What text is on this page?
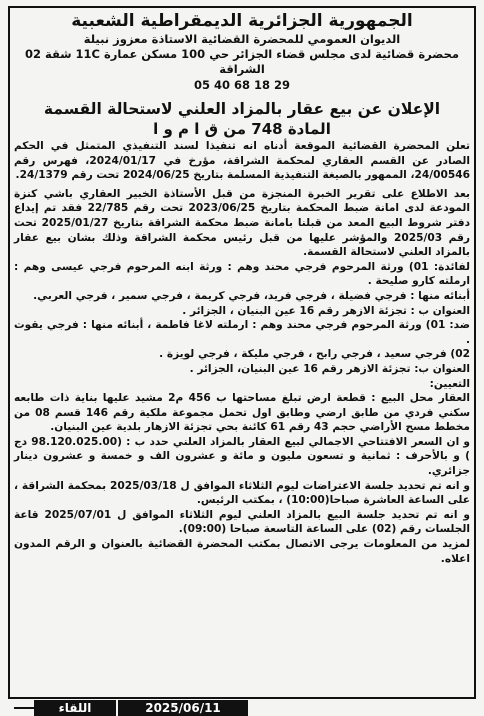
الجمهورية الجزائرية الديمقراطية الشعبية
الديوان العمومي للمحضرة القضائية الاستاذة معزوز نبيلة
محضرة قضائية لدى مجلس قضاء الجزائر حي 100 مسكن عمارة 11C شقة 02 الشراقة
05 40 68 18 29
الإعلان عن بيع عقار بالمزاد العلني لاستحالة القسمة
المادة 748 من ق ا م و ا

تعلن المحضرة القضائية الموقعة أدناه انه تنفيذا لسند التنفيذي المتمثل في الحكم الصادر عن القسم العقاري لمحكمة الشراقة، مؤرخ في 2024/01/17، فهرس رقم 24/00546، الممهور بالصيغة التنفيذية المسلمة بتاريخ 2024/06/25 تحت رقم 24/1379.

بعد الاطلاع على تقرير الخبرة المنجزة من قبل الأستاذة الخبير العقاري باشي كنزة المودعة لدى امانة ضبط المحكمة بتاريخ 2023/06/25 تحت رقم 22/785 فقد تم إيداع دفتر شروط البيع المعد من قبلنا بامانة ضبط محكمة الشراقة بتاريخ 2025/01/27 تحت رقم 2025/03 والمؤشر عليها من قبل رئيس محكمة الشراقة وذلك بشان بيع عقار بالمزاد العلني لاستحالة القسمة.

لفائدة: 01) ورثة المرحوم فرجي محند وهم : ورثة ابنه المرحوم فرجي عيسى وهم : ارملته كارو صليحة .

أبنائه منها : فرجي فضيلة ، فرجي فريد، فرجي كريمة ، فرجي سمير ، فرجي العربي.

العنوان ب : تجزئة الازهر رقم 16 عين البنيان ، الجزائر .

ضد: 01) ورثة المرحوم فرجي محند وهم : ارملته لاغا فاطمة ، أبنائه منها : فرجي يقوت .

02) فرجي سعيد ، فرجي رابح ، فرجي مليكة ، فرجي لويزة .

العنوان ب: تجزئة الازهر رقم 16 عين البنيان، الجزائر .

التعيين:

العقار محل البيع : قطعة ارض تبلغ مساحتها ب 456 م2 مشيد عليها بناية ذات طابعه سكني فردي من طابق ارضي وطابق اول تحمل مجموعة ملكية رقم 146 قسم 08 من مخطط مسح الأراضي حجم 43 رقم 61 كائنة بحي تجزئة الازهار بلدية عين البنيان.

و ان السعر الافتتاحي الاجمالي لبيع العقار بالمزاد العلني حدد ب : (98.120.025.00 دج ) و بالأحرف : ثمانية و تسعون مليون و مائة و عشرون الف و خمسة و عشرون دينار جزائري.

و انه تم تحديد جلسة الاعتراضات ليوم الثلاثاء الموافق ل 2025/03/18 بمحكمة الشراقة ، على الساعة العاشرة صباحا(10:00) ، بمكتب الرئيس.

و انه تم تحديد جلسة البيع بالمزاد العلني ليوم الثلاثاء الموافق ل 2025/07/01 قاعة الجلسات رقم (02) على الساعة التاسعة صباحا (09:00).

لمزيد من المعلومات يرجى الاتصال بمكتب المحضرة القضائية بالعنوان و الرقم المدون اعلاه.

اللقاء	2025/06/11
